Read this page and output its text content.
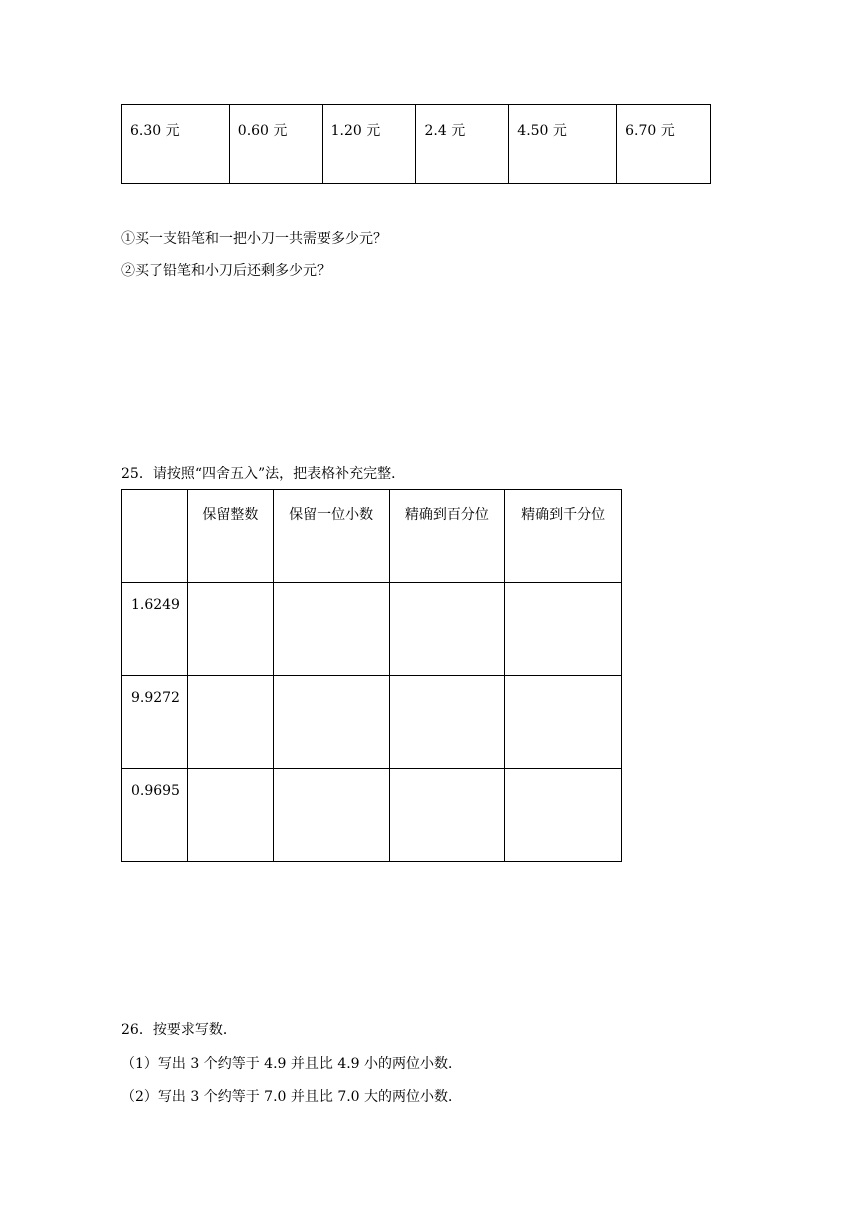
6.30 元	0.60 元	1.20 元	2.4 元	4.50 元	6.70 元
①买一支铅笔和一把小刀一共需要多少元？
②买了铅笔和小刀后还剩多少元？
25．请按照“四舍五入”法，把表格补充完整．
	保留整数	保留一位小数	精确到百分位	精确到千分位
1.6249				
9.9272				
0.9695				
26．按要求写数．
（1）写出 3 个约等于 4.9 并且比 4.9 小的两位小数．
（2）写出 3 个约等于 7.0 并且比 7.0 大的两位小数．
